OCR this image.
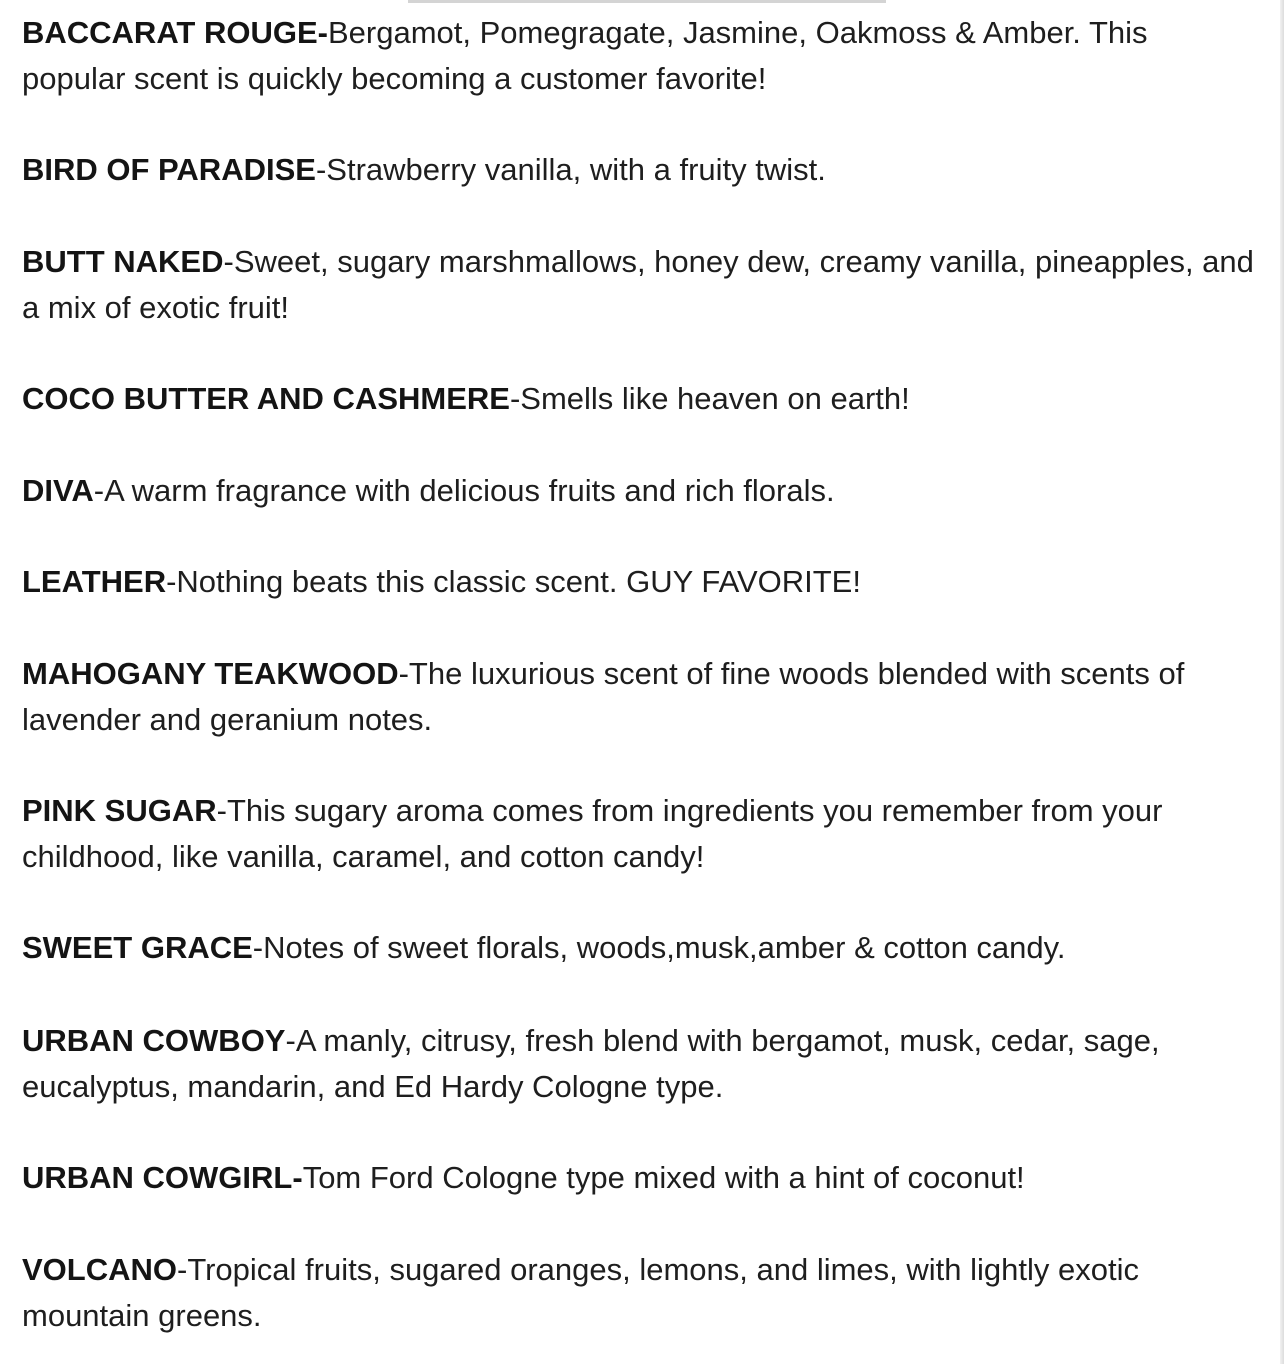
BACCARAT ROUGE-Bergamot, Pomegragate, Jasmine, Oakmoss & Amber. This popular scent is quickly becoming a customer favorite!
BIRD OF PARADISE-Strawberry vanilla, with a fruity twist.
BUTT NAKED-Sweet, sugary marshmallows, honey dew, creamy vanilla, pineapples, and a mix of exotic fruit!
COCO BUTTER AND CASHMERE-Smells like heaven on earth!
DIVA-A warm fragrance with delicious fruits and rich florals.
LEATHER-Nothing beats this classic scent. GUY FAVORITE!
MAHOGANY TEAKWOOD-The luxurious scent of fine woods blended with scents of lavender and geranium notes.
PINK SUGAR-This sugary aroma comes from ingredients you remember from your childhood, like vanilla, caramel, and cotton candy!
SWEET GRACE-Notes of sweet florals, woods,musk,amber & cotton candy.
URBAN COWBOY-A manly, citrusy, fresh blend with bergamot, musk, cedar, sage, eucalyptus, mandarin, and Ed Hardy Cologne type.
URBAN COWGIRL-Tom Ford Cologne type mixed with a hint of coconut!
VOLCANO-Tropical fruits, sugared oranges, lemons, and limes, with lightly exotic mountain greens.
